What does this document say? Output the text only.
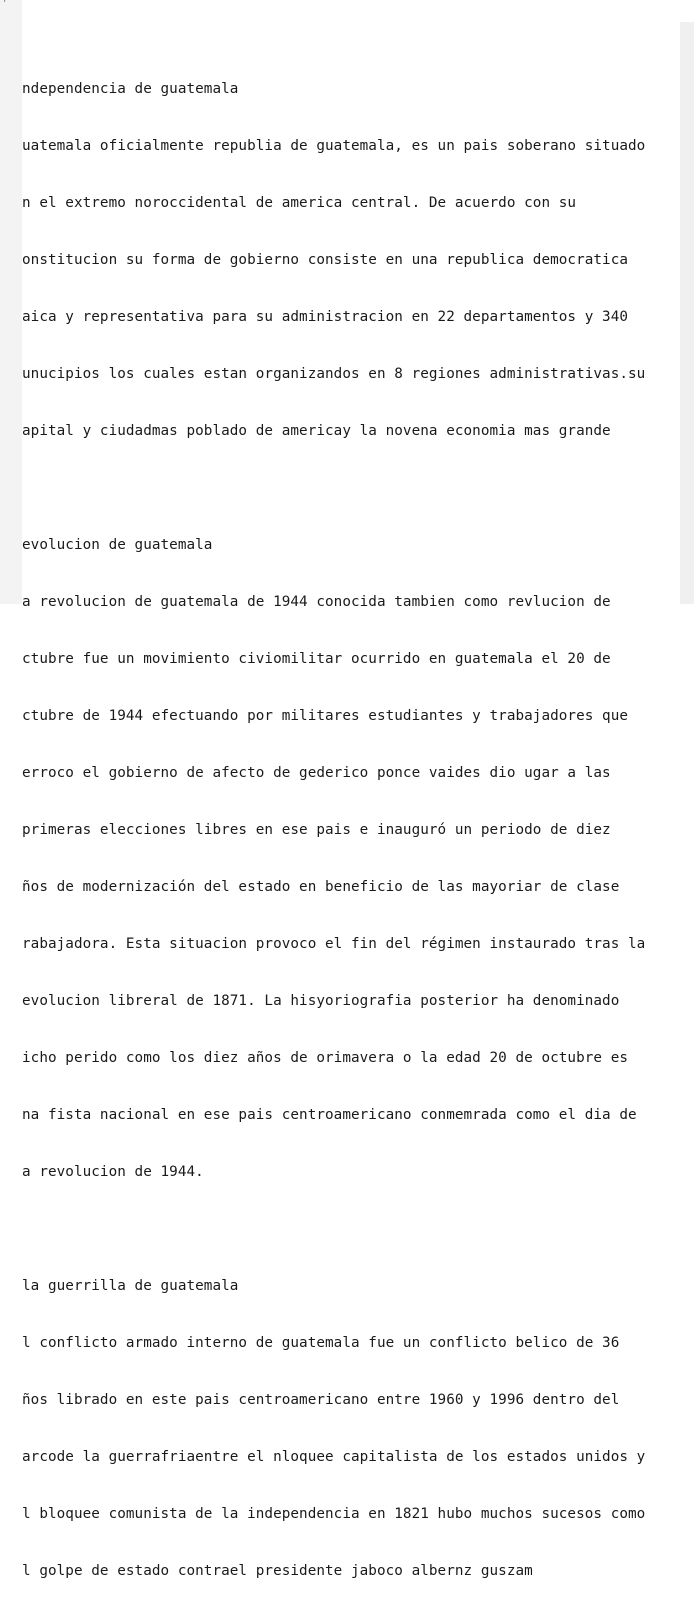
'

ndependencia de guatemala

uatemala oficialmente republia de guatemala, es un pais soberano situado

n el extremo noroccidental de america central. De acuerdo con su

onstitucion su forma de gobierno consiste en una republica democratica

aica y representativa para su administracion en 22 departamentos y 340

unucipios los cuales estan organizandos en 8 regiones administrativas.su

apital y ciudadmas poblado de americay la novena economia mas grande

evolucion de guatemala

a revolucion de guatemala de 1944 conocida tambien como revlucion de

ctubre fue un movimiento civiomilitar ocurrido en guatemala el 20 de

ctubre de 1944 efectuando por militares estudiantes y trabajadores que

erroco el gobierno de afecto de gederico ponce vaides dio ugar a las

primeras elecciones libres en ese pais e inauguró un periodo de diez

ños de modernización del estado en beneficio de las mayoriar de clase

rabajadora. Esta situacion provoco el fin del régimen instaurado tras la

evolucion libreral de 1871. La hisyoriografia posterior ha denominado

icho perido como los diez años de orimavera o la edad 20 de octubre es

na fista nacional en ese pais centroamericano conmemrada como el dia de

a revolucion de 1944.

la guerrilla de guatemala

l conflicto armado interno de guatemala fue un conflicto belico de 36

ños librado en este pais centroamericano entre 1960 y 1996 dentro del

arcode la guerrafriaentre el nloquee capitalista de los estados unidos y

l bloquee comunista de la independencia en 1821 hubo muchos sucesos como

l golpe de estado contrael presidente jaboco albernz guszam
